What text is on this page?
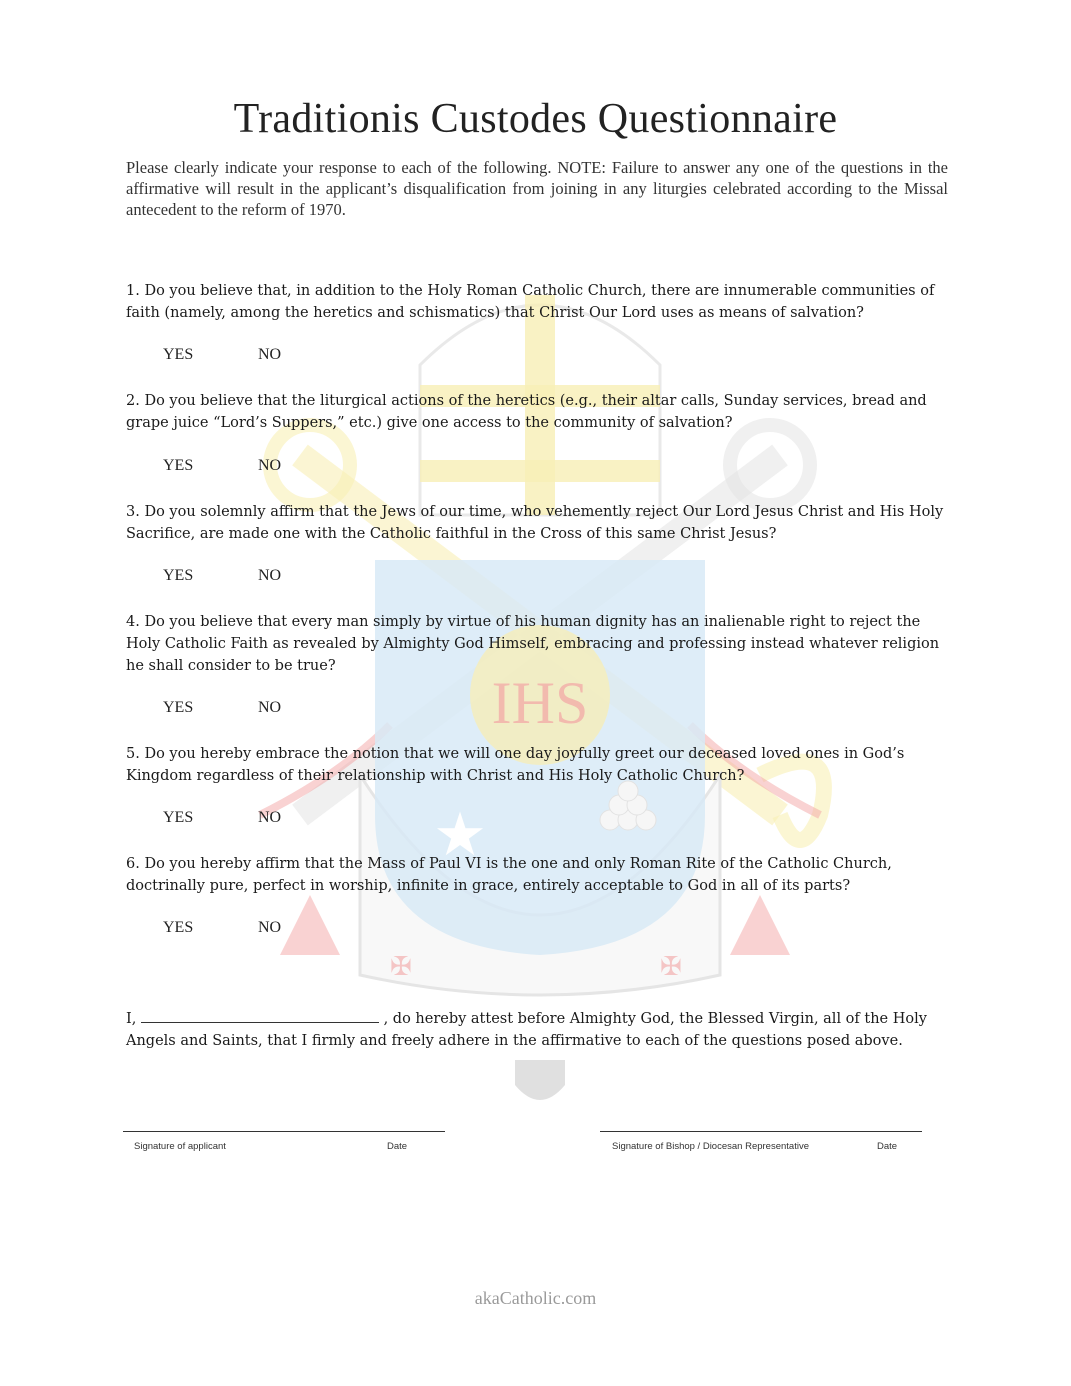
✠	✠
IHS
★
Traditionis Custodes Questionnaire
Please clearly indicate your response to each of the following. NOTE: Failure to answer any one of the questions in the affirmative will result in the applicant’s disqualification from joining in any liturgies celebrated according to the Missal antecedent to the reform of 1970.
1. Do you believe that, in addition to the Holy Roman Catholic Church, there are innumerable communities of faith (namely, among the heretics and schismatics) that Christ Our Lord uses as means of salvation?
YES	NO
2. Do you believe that the liturgical actions of the heretics (e.g., their altar calls, Sunday services, bread and grape juice “Lord’s Suppers,” etc.) give one access to the community of salvation?
YES	NO
3. Do you solemnly affirm that the Jews of our time, who vehemently reject Our Lord Jesus Christ and His Holy Sacrifice, are made one with the Catholic faithful in the Cross of this same Christ Jesus?
YES	NO
4. Do you believe that every man simply by virtue of his human dignity has an inalienable right to reject the Holy Catholic Faith as revealed by Almighty God Himself, embracing and professing instead whatever religion he shall consider to be true?
YES	NO
5. Do you hereby embrace the notion that we will one day joyfully greet our deceased loved ones in God’s Kingdom regardless of their relationship with Christ and His Holy Catholic Church?
YES	NO
6. Do you hereby affirm that the Mass of Paul VI is the one and only Roman Rite of the Catholic Church, doctrinally pure, perfect in worship, infinite in grace, entirely acceptable to God in all of its parts?
YES	NO
I,	, do hereby attest before Almighty God, the Blessed Virgin, all of the Holy Angels and Saints, that I firmly and freely adhere in the affirmative to each of the questions posed above.
Signature of applicant	Date	Signature of Bishop / Diocesan Representative	Date
akaCatholic.com
